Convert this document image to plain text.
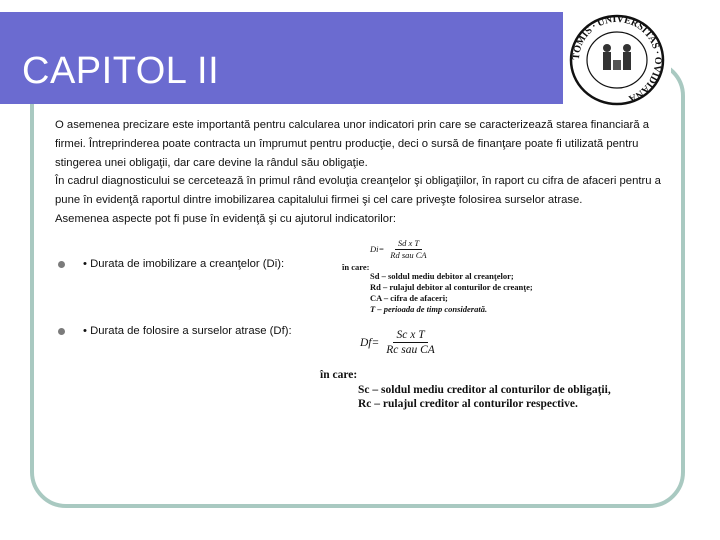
CAPITOL II	TOMIS ∙ UNIVERSITAS ∙ OVIDIANA

O asemenea precizare este importantă pentru calcularea unor indicatori prin care se caracterizează starea financiară a firmei. Întreprinderea poate contracta un împrumut pentru producţie, deci o sursă de finanţare poate fi utilizată pentru stingerea unei obligaţii, dar care devine la rândul său obligaţie.

În cadrul diagnosticului se cercetează în primul rând evoluţia creanţelor şi obligaţiilor, în raport cu cifra de afaceri pentru a pune în evidenţă raportul dintre imobilizarea capitalului firmei şi cel care priveşte folosirea surselor atrase.

Asemenea aspecte pot fi puse în evidenţă şi cu ajutorul indicatorilor:

• Durata de imobilizare a creanţelor (Di):
• Durata de folosire a surselor atrase (Df):
$Di= \frac{\text{Sd x T}}{\text{Rd sau CA}}$
în care:
Sd – soldul mediu debitor al creanţelor;
Rd – rulajul debitor al conturilor de creanţe;
CA – cifra de afaceri;
T – perioada de timp considerată.
$Df= \frac{\text{Sc x T}}{\text{Rc sau CA}}$
în care:
Sc – soldul mediu creditor al conturilor de obligaţii,
Rc – rulajul creditor al conturilor respective.
